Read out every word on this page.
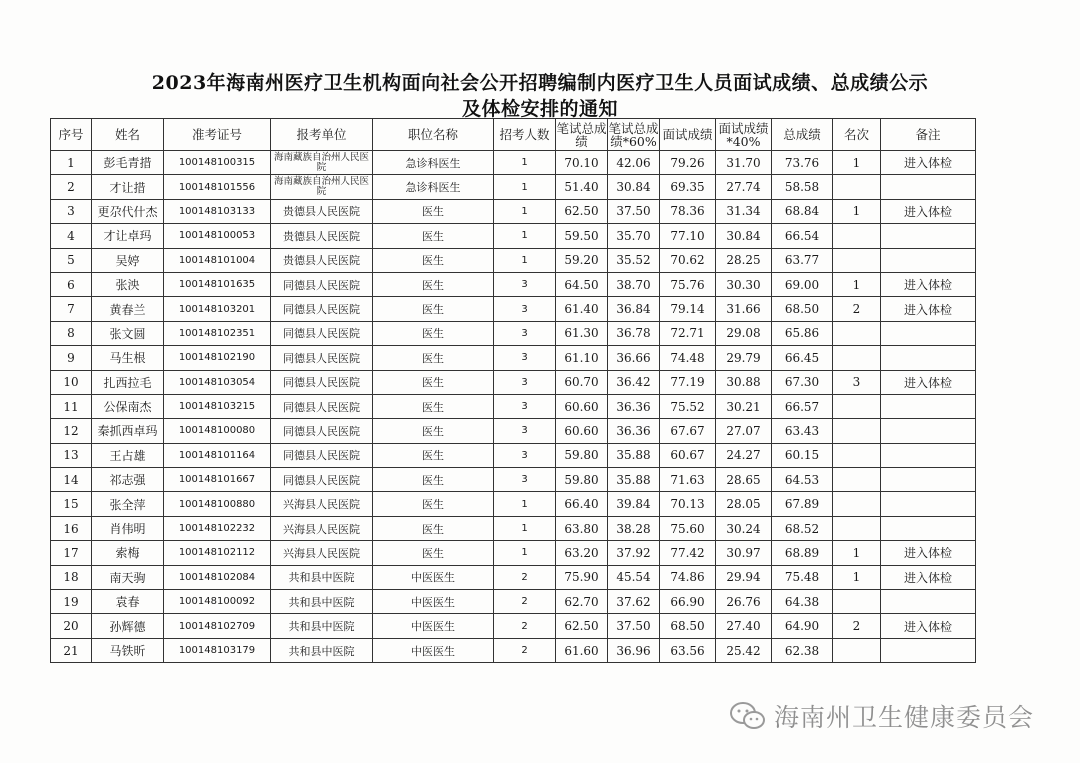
2023年海南州医疗卫生机构面向社会公开招聘编制内医疗卫生人员面试成绩、总成绩公示
及体检安排的通知
序号	姓名	准考证号	报考单位	职位名称	招考人数	笔试总成绩	笔试总成绩*60%	面试成绩	面试成绩*40%	总成绩	名次	备注
1	彭毛青措	100148100315	海南藏族自治州人民医院	急诊科医生	1	70.10	42.06	79.26	31.70	73.76	1	进入体检
2	才让措	100148101556	海南藏族自治州人民医院	急诊科医生	1	51.40	30.84	69.35	27.74	58.58		
3	更尕代什杰	100148103133	贵德县人民医院	医生	1	62.50	37.50	78.36	31.34	68.84	1	进入体检
4	才让卓玛	100148100053	贵德县人民医院	医生	1	59.50	35.70	77.10	30.84	66.54		
5	吴婷	100148101004	贵德县人民医院	医生	1	59.20	35.52	70.62	28.25	63.77		
6	张泱	100148101635	同德县人民医院	医生	3	64.50	38.70	75.76	30.30	69.00	1	进入体检
7	黄春兰	100148103201	同德县人民医院	医生	3	61.40	36.84	79.14	31.66	68.50	2	进入体检
8	张文圆	100148102351	同德县人民医院	医生	3	61.30	36.78	72.71	29.08	65.86		
9	马生根	100148102190	同德县人民医院	医生	3	61.10	36.66	74.48	29.79	66.45		
10	扎西拉毛	100148103054	同德县人民医院	医生	3	60.70	36.42	77.19	30.88	67.30	3	进入体检
11	公保南杰	100148103215	同德县人民医院	医生	3	60.60	36.36	75.52	30.21	66.57		
12	秦抓西卓玛	100148100080	同德县人民医院	医生	3	60.60	36.36	67.67	27.07	63.43		
13	王占雄	100148101164	同德县人民医院	医生	3	59.80	35.88	60.67	24.27	60.15		
14	祁志强	100148101667	同德县人民医院	医生	3	59.80	35.88	71.63	28.65	64.53		
15	张全萍	100148100880	兴海县人民医院	医生	1	66.40	39.84	70.13	28.05	67.89		
16	肖伟明	100148102232	兴海县人民医院	医生	1	63.80	38.28	75.60	30.24	68.52		
17	索梅	100148102112	兴海县人民医院	医生	1	63.20	37.92	77.42	30.97	68.89	1	进入体检
18	南天驹	100148102084	共和县中医院	中医医生	2	75.90	45.54	74.86	29.94	75.48	1	进入体检
19	袁春	100148100092	共和县中医院	中医医生	2	62.70	37.62	66.90	26.76	64.38		
20	孙辉德	100148102709	共和县中医院	中医医生	2	62.50	37.50	68.50	27.40	64.90	2	进入体检
21	马铁昕	100148103179	共和县中医院	中医医生	2	61.60	36.96	63.56	25.42	62.38		
海南州卫生健康委员会
